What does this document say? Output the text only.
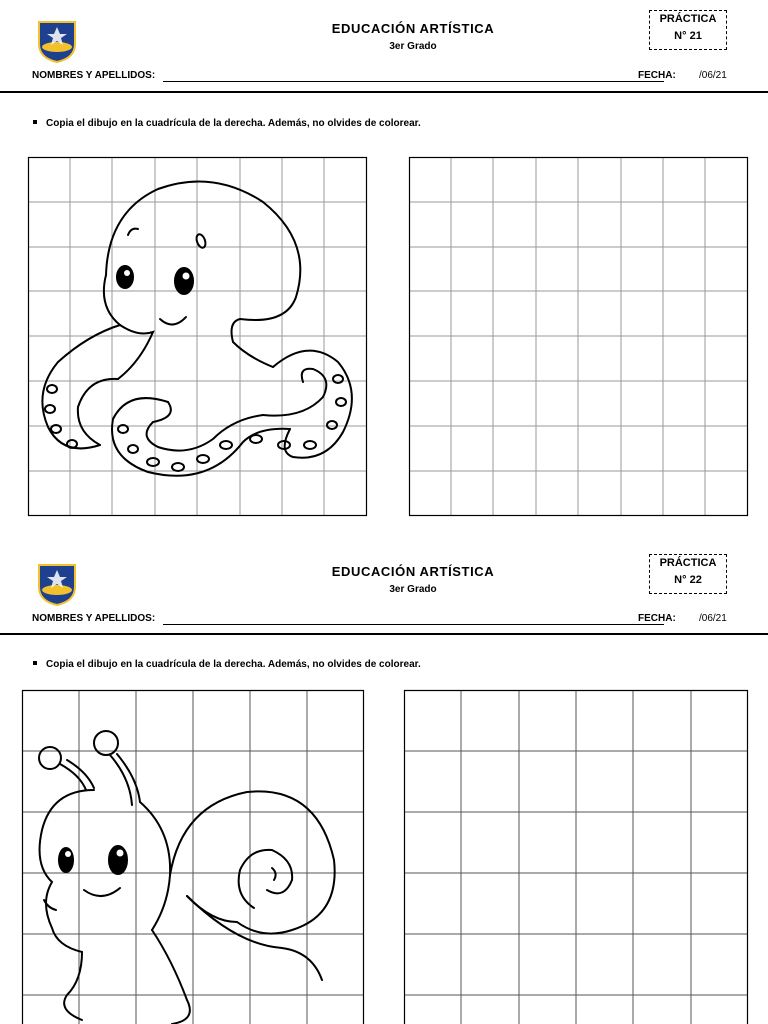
EDUCACIÓN ARTÍSTICA
3er Grado
PRÁCTICA
N° 21
NOMBRES Y APELLIDOS:	FECHA: /06/21
Copia el dibujo en la cuadrícula de la derecha. Además, no olvides de colorear.
EDUCACIÓN ARTÍSTICA
3er Grado
PRÁCTICA
N° 22
NOMBRES Y APELLIDOS:	FECHA: /06/21
Copia el dibujo en la cuadrícula de la derecha. Además, no olvides de colorear.
